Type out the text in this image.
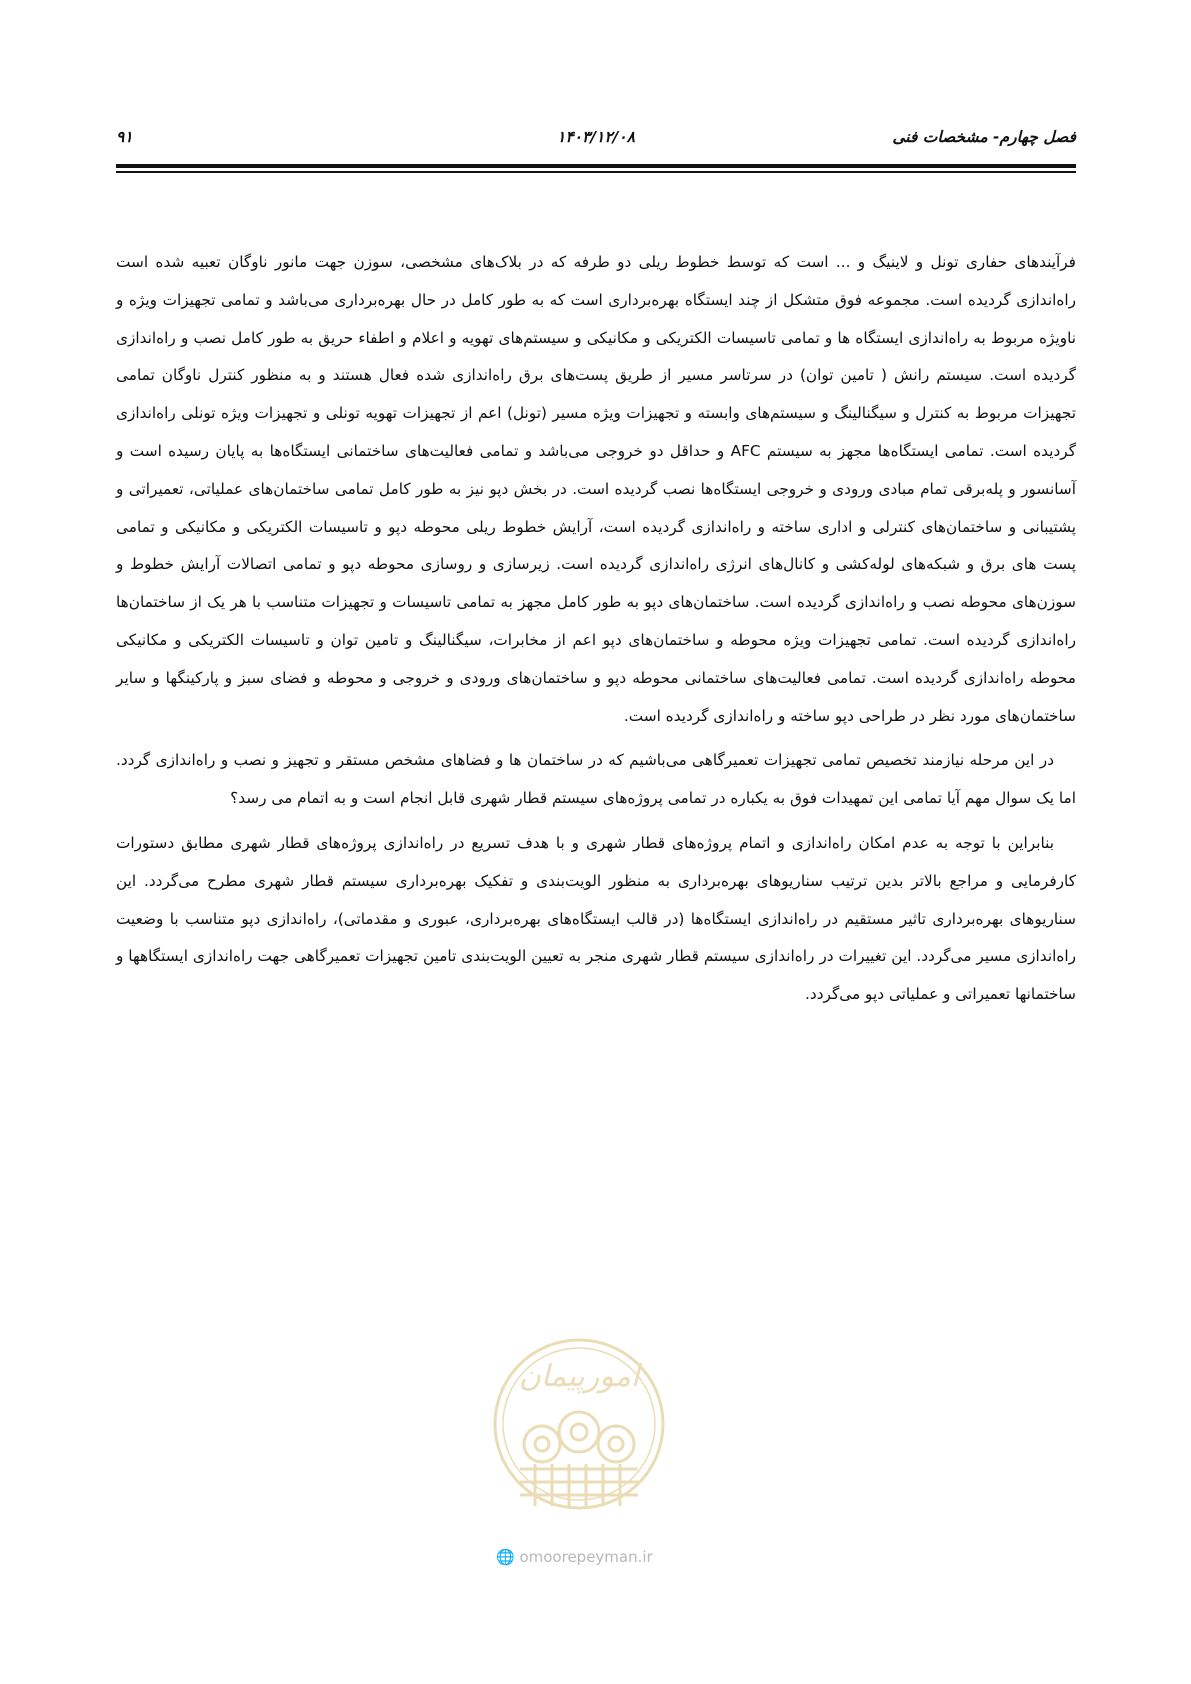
فصل چهارم- مشخصات فنی
۱۴۰۳/۱۲/۰۸
۹۱

فرآیندهای حفاری تونل و لاینیگ و ... است که توسط خطوط ریلی دو طرفه که در بلاک‌های مشخصی، سوزن جهت مانور ناوگان تعبیه شده است راه‌اندازی گردیده است. مجموعه فوق متشکل از چند ایستگاه بهره‌برداری است که به طور کامل در حال بهره‌برداری می‌باشد و تمامی تجهیزات ویژه و ناویژه مربوط به راه‌اندازی ایستگاه ها و تمامی تاسیسات الکتریکی و مکانیکی و سیستم‌های تهویه و اعلام و اطفاء حریق به طور کامل نصب و راه‌اندازی گردیده است. سیستم رانش ( تامین توان) در سرتاسر مسیر از طریق پست‌های برق راه‌اندازی شده فعال هستند و به منظور کنترل ناوگان تمامی تجهیزات مربوط به کنترل و سیگنالینگ و سیستم‌های وابسته و تجهیزات ویژه مسیر (تونل) اعم از تجهیزات تهویه تونلی و تجهیزات ویژه تونلی راه‌اندازی گردیده است. تمامی ایستگاه‌ها مجهز به سیستم AFC و حداقل دو خروجی می‌باشد و تمامی فعالیت‌های ساختمانی ایستگاه‌ها به پایان رسیده است و آسانسور و پله‌برقی تمام مبادی ورودی و خروجی ایستگاه‌ها نصب گردیده است. در بخش دپو نیز به طور کامل تمامی ساختمان‌های عملیاتی، تعمیراتی و پشتیبانی و ساختمان‌های کنترلی و اداری ساخته و راه‌اندازی گردیده است، آرایش خطوط ریلی محوطه دپو و تاسیسات الکتریکی و مکانیکی و تمامی پست های برق و شبکه‌های لوله‌کشی و کانال‌های انرژی راه‌اندازی گردیده است. زیرسازی و روسازی محوطه دپو و تمامی اتصالات آرایش خطوط و سوزن‌های محوطه نصب و راه‌اندازی گردیده است. ساختمان‌های دپو به طور کامل مجهز به تمامی تاسیسات و تجهیزات متناسب با هر یک از ساختمان‌ها راه‌اندازی گردیده است. تمامی تجهیزات ویژه محوطه و ساختمان‌های دپو اعم از مخابرات، سیگنالینگ و تامین توان و تاسیسات الکتریکی و مکانیکی محوطه راه‌اندازی گردیده است. تمامی فعالیت‌های ساختمانی محوطه دپو و ساختمان‌های ورودی و خروجی و محوطه و فضای سبز و پارکینگها و سایر ساختمان‌های مورد نظر در طراحی دپو ساخته و راه‌اندازی گردیده است.

در این مرحله نیازمند تخصیص تمامی تجهیزات تعمیرگاهی می‌باشیم که در ساختمان ها و فضاهای مشخص مستقر و تجهیز و نصب و راه‌اندازی گردد. اما یک سوال مهم آیا تمامی این تمهیدات فوق به یکباره در تمامی پروژه‌های سیستم قطار شهری قابل انجام است و به اتمام می رسد؟

بنابراین با توجه به عدم امکان راه‌اندازی و اتمام پروژه‌های قطار شهری و با هدف تسریع در راه‌اندازی پروژه‌های قطار شهری مطابق دستورات کارفرمایی و مراجع بالاتر بدین ترتیب سناریوهای بهره‌برداری به منظور الویت‌بندی و تفکیک بهره‌برداری سیستم قطار شهری مطرح می‌گردد. این سناریوهای بهره‌برداری تاثیر مستقیم در راه‌اندازی ایستگاه‌ها (در قالب ایستگاه‌های بهره‌برداری، عبوری و مقدماتی)، راه‌اندازی دپو متناسب با وضعیت راه‌اندازی مسیر می‌گردد. این تغییرات در راه‌اندازی سیستم قطار شهری منجر به تعیین الویت‌بندی تامین تجهیزات تعمیرگاهی جهت راه‌اندازی ایستگاهها و ساختمانها تعمیراتی و عملیاتی دپو می‌گردد.

امورپیمان
🌐 omoorepeyman.ir
